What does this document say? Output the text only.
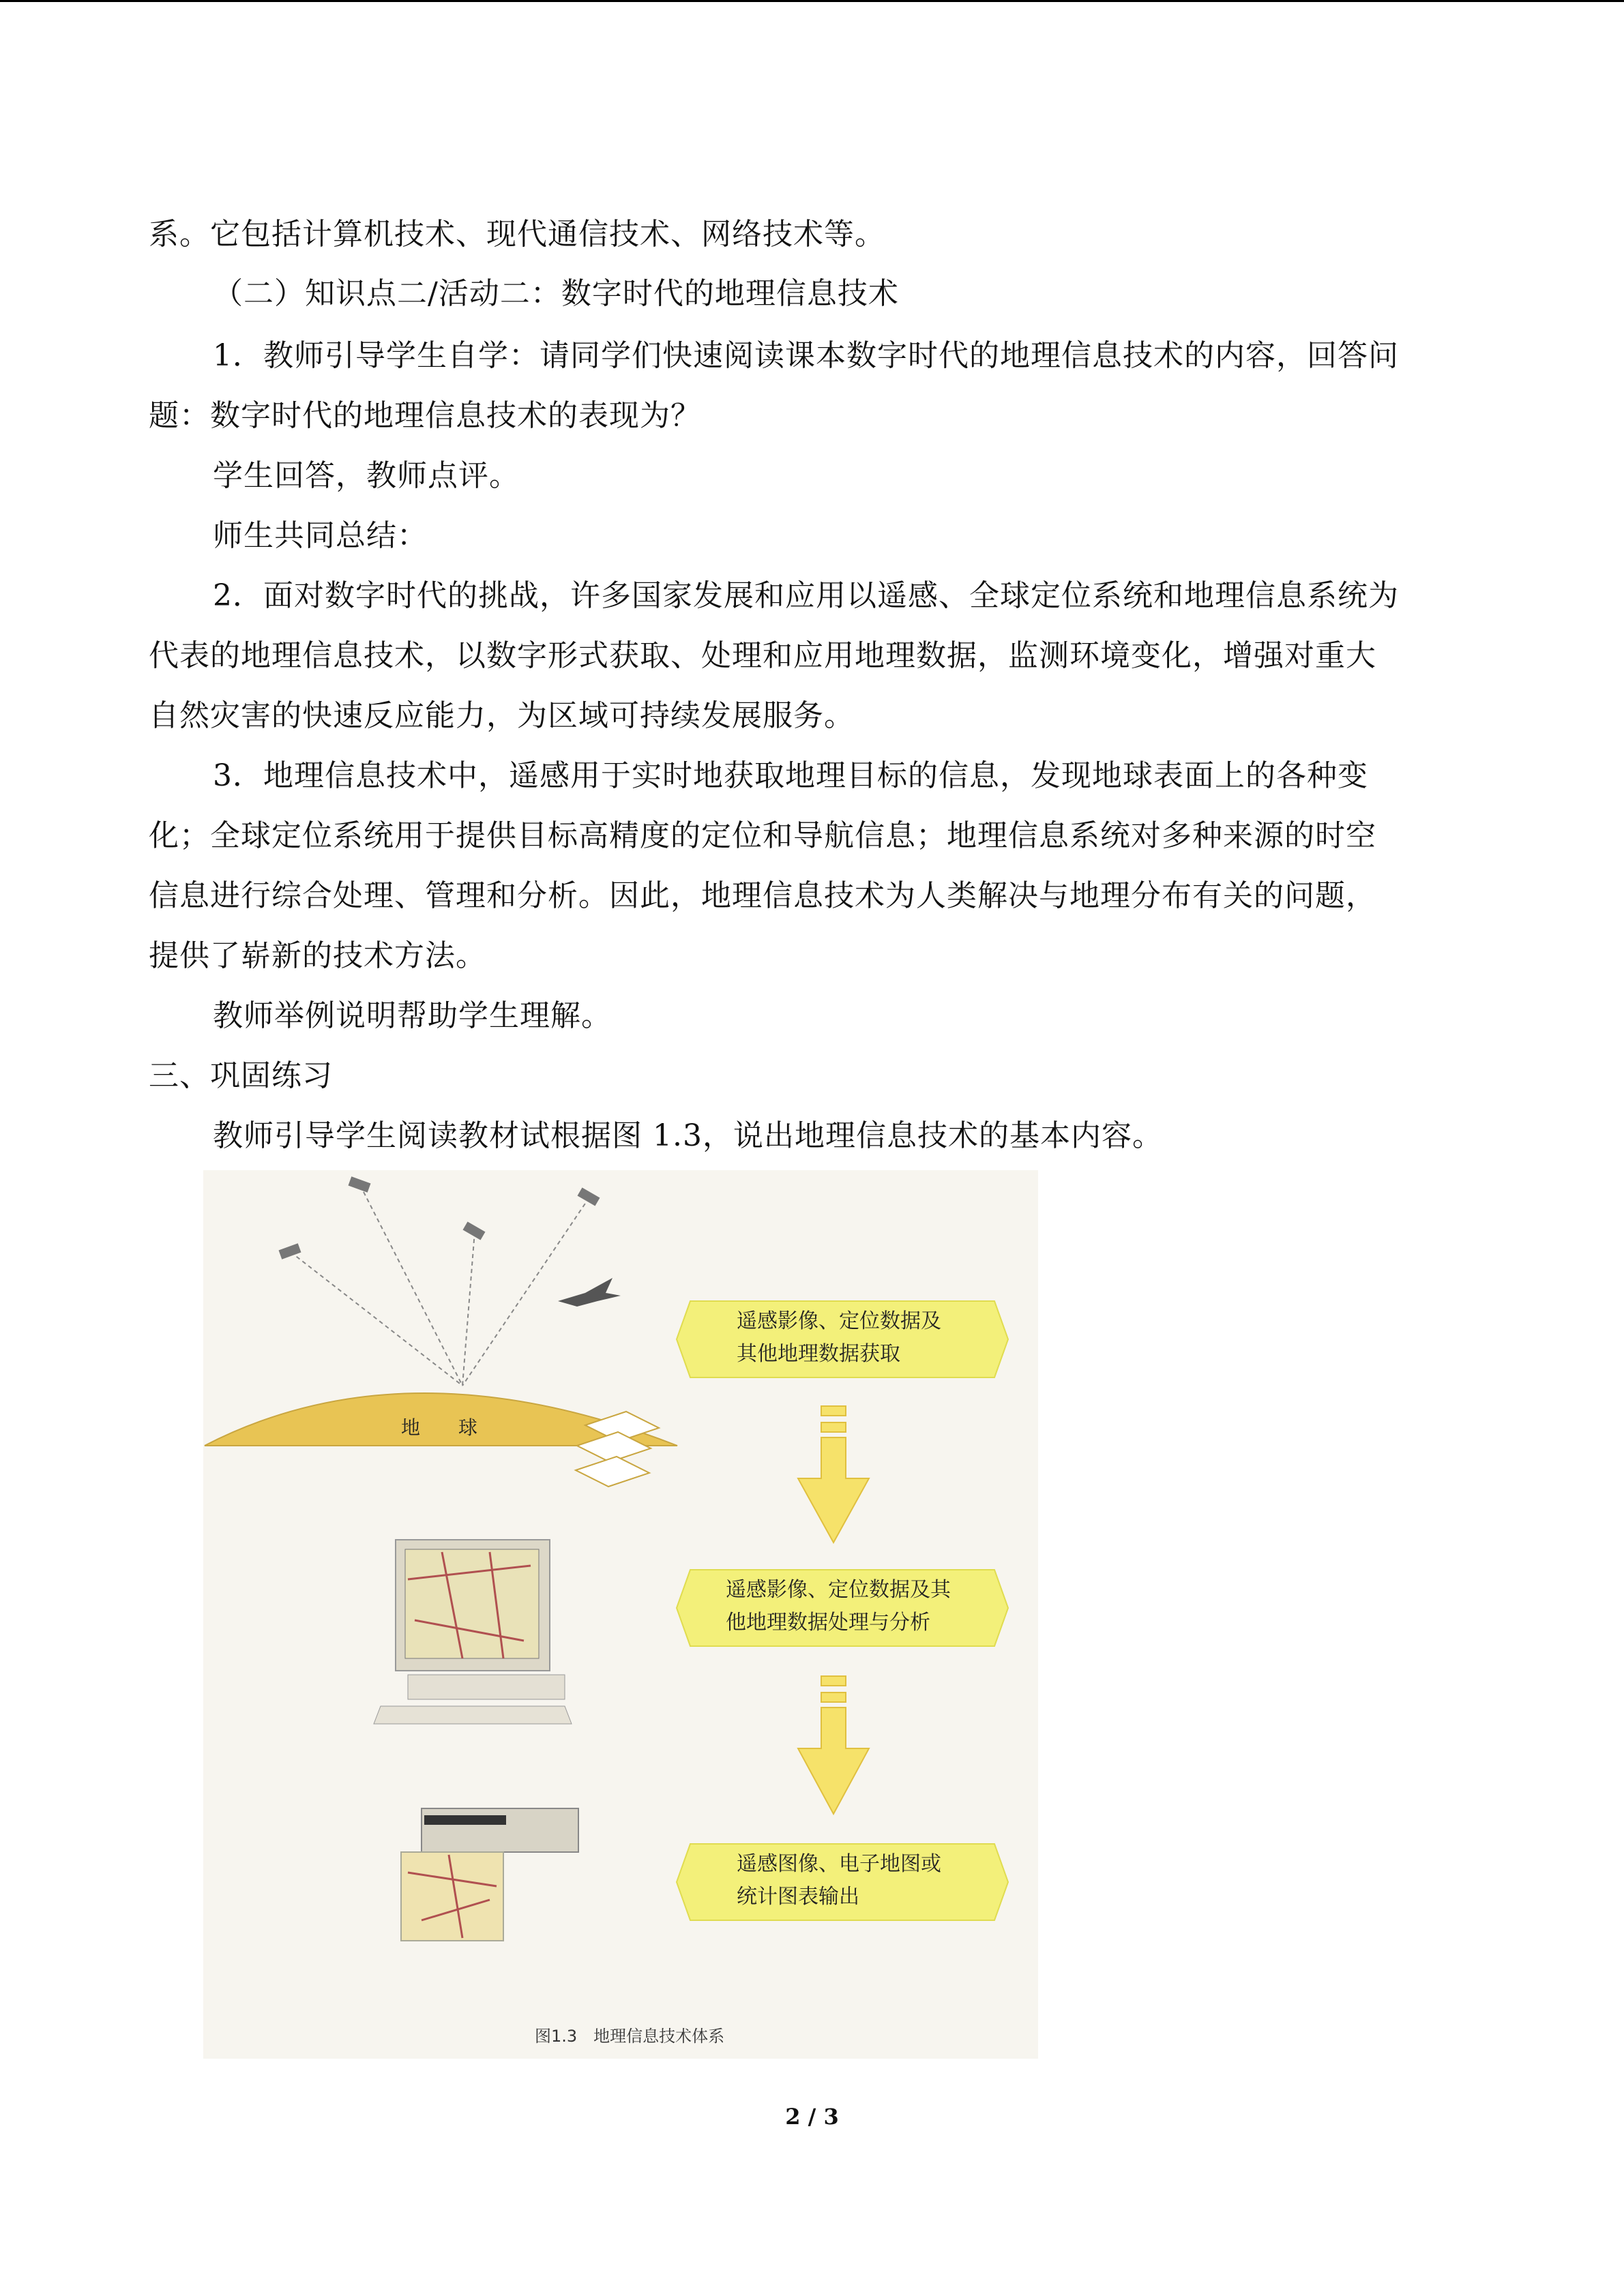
系。它包括计算机技术、现代通信技术、网络技术等。
（二）知识点二/活动二：数字时代的地理信息技术
1．教师引导学生自学：请同学们快速阅读课本数字时代的地理信息技术的内容，回答问
题：数字时代的地理信息技术的表现为？
学生回答，教师点评。
师生共同总结：
2．面对数字时代的挑战，许多国家发展和应用以遥感、全球定位系统和地理信息系统为
代表的地理信息技术，以数字形式获取、处理和应用地理数据，监测环境变化，增强对重大
自然灾害的快速反应能力，为区域可持续发展服务。
3．地理信息技术中，遥感用于实时地获取地理目标的信息，发现地球表面上的各种变
化；全球定位系统用于提供目标高精度的定位和导航信息；地理信息系统对多种来源的时空
信息进行综合处理、管理和分析。因此，地理信息技术为人类解决与地理分布有关的问题，
提供了崭新的技术方法。
教师举例说明帮助学生理解。
三、巩固练习
教师引导学生阅读教材试根据图 1.3，说出地理信息技术的基本内容。
地　　球
遥感影像、定位数据及
其他地理数据获取
遥感影像、定位数据及其
他地理数据处理与分析
遥感图像、电子地图或
统计图表输出
图1.3　地理信息技术体系
2 / 3
